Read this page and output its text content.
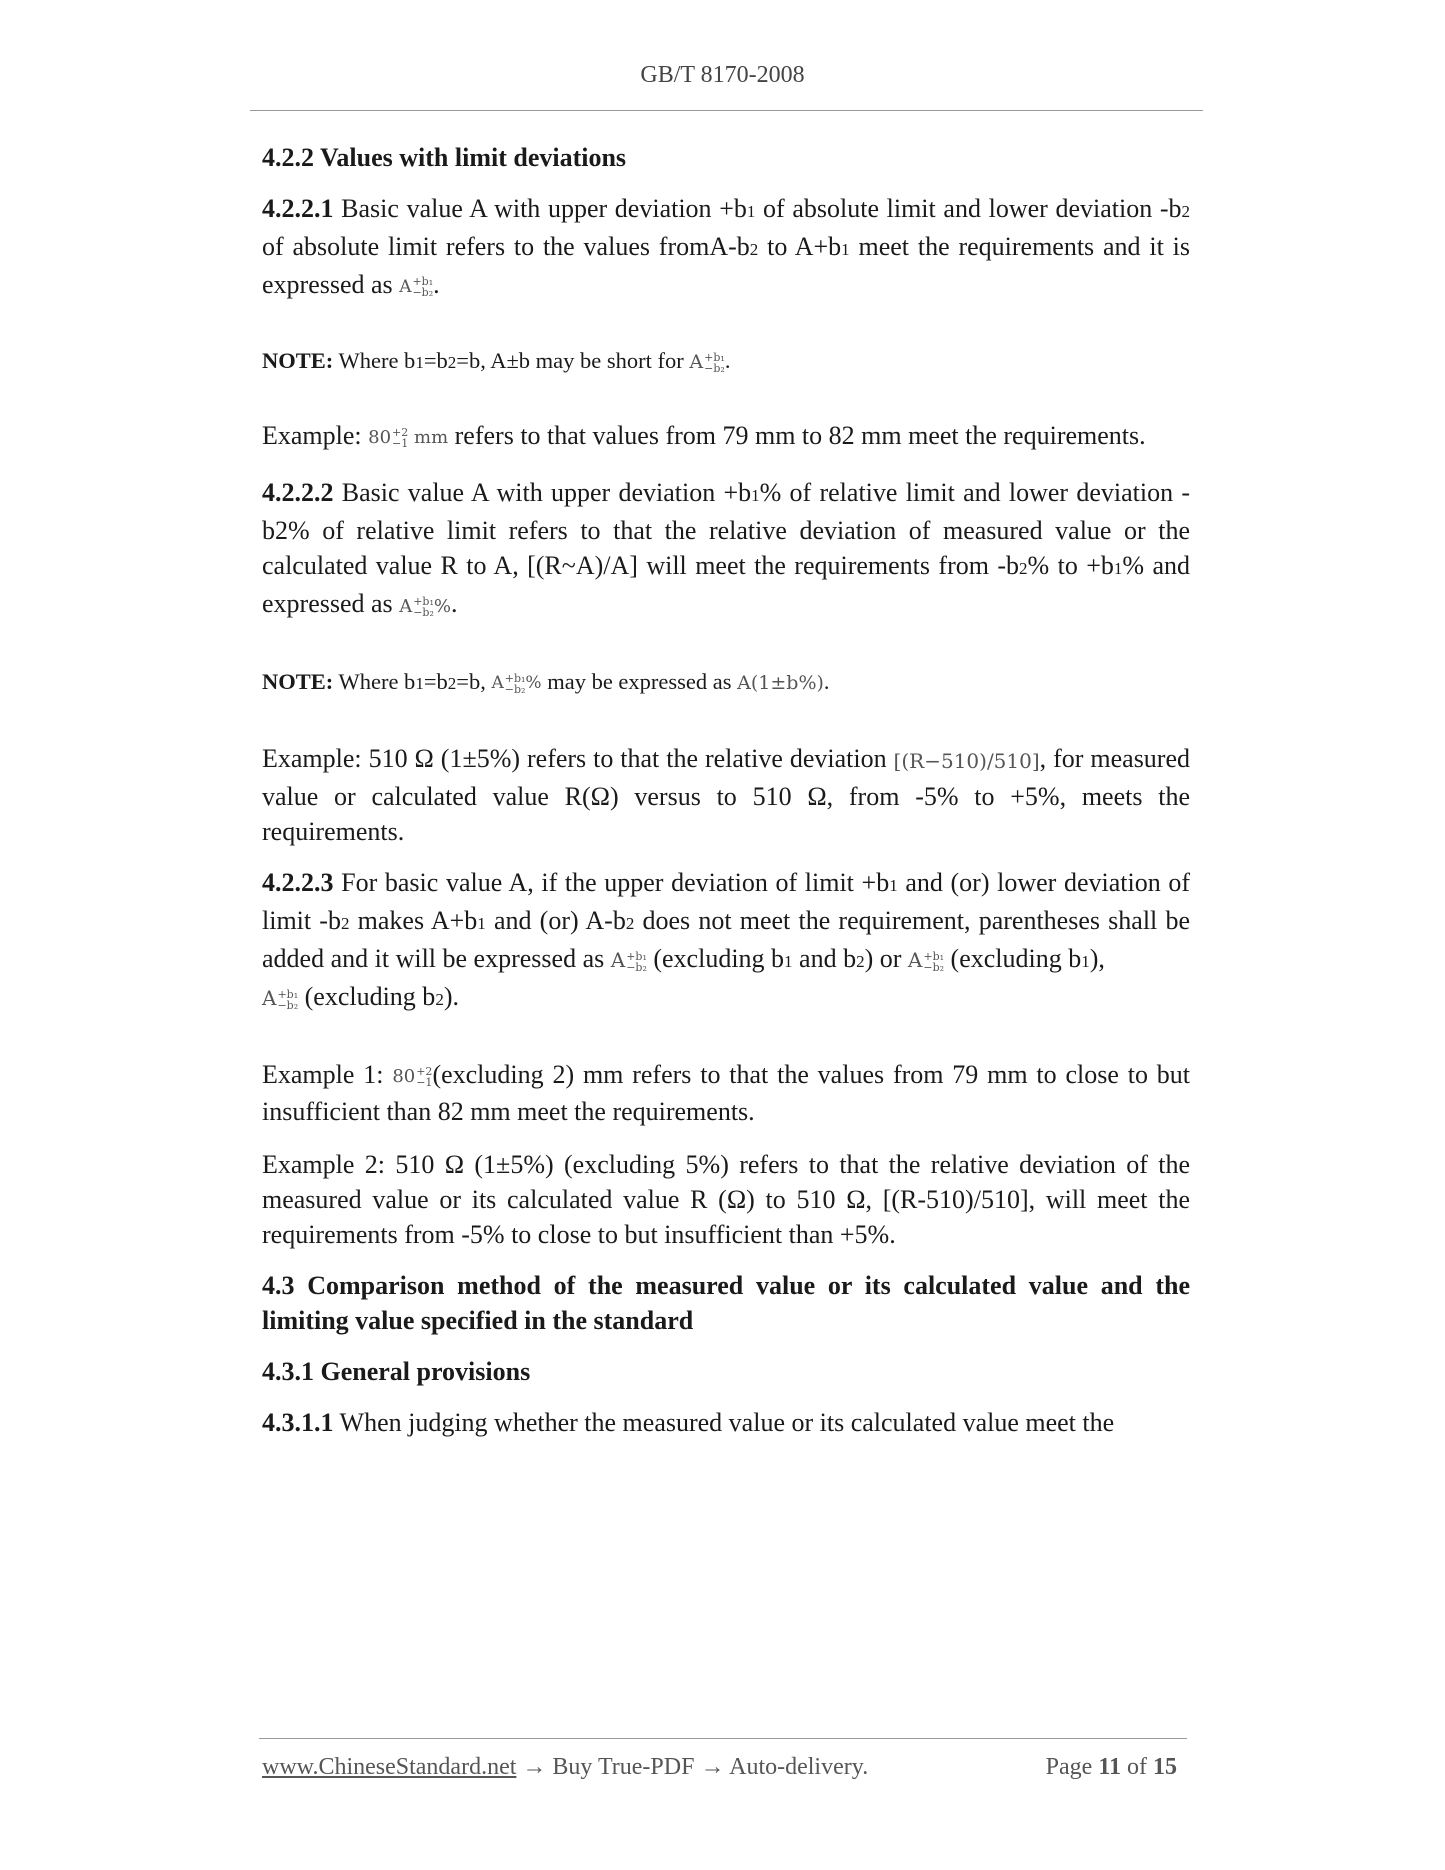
GB/T 8170-2008

4.2.2 Values with limit deviations

4.2.2.1 Basic value A with upper deviation +b1 of absolute limit and lower deviation -b2 of absolute limit refers to the values fromA-b2 to A+b1 meet the requirements and it is expressed as A +b₁
−b₂ .

NOTE: Where b1=b2=b, A±b may be short for A +b₁
−b₂ .

Example: 80 +2
−1 mm refers to that values from 79 mm to 82 mm meet the requirements.

4.2.2.2 Basic value A with upper deviation +b1% of relative limit and lower deviation -b2% of relative limit refers to that the relative deviation of measured value or the calculated value R to A, [(R~A)/A] will meet the requirements from -b2% to +b1% and expressed as A +b₁
−b₂ %.

NOTE: Where b1=b2=b, A +b₁
−b₂ % may be expressed as A(1±b%).

Example: 510 Ω (1±5%) refers to that the relative deviation [(R−510)/510], for measured value or calculated value R(Ω) versus to 510 Ω, from -5% to +5%, meets the requirements.

4.2.2.3 For basic value A, if the upper deviation of limit +b1 and (or) lower deviation of limit -b2 makes A+b1 and (or) A-b2 does not meet the requirement, parentheses shall be added and it will be expressed as A +b₁
−b₂ (excluding b1 and b2) or A +b₁
−b₂ (excluding b1),
A +b₁
−b₂ (excluding b2).

Example 1: 80 +2
−1 (excluding 2) mm refers to that the values from 79 mm to close to but insufficient than 82 mm meet the requirements.

Example 2: 510 Ω (1±5%) (excluding 5%) refers to that the relative deviation of the measured value or its calculated value R (Ω) to 510 Ω, [(R-510)/510], will meet the requirements from -5% to close to but insufficient than +5%.

4.3 Comparison method of the measured value or its calculated value and the limiting value specified in the standard

4.3.1 General provisions

4.3.1.1 When judging whether the measured value or its calculated value meet the

www.ChineseStandard.net → Buy True-PDF → Auto-delivery.	Page 11 of 15
